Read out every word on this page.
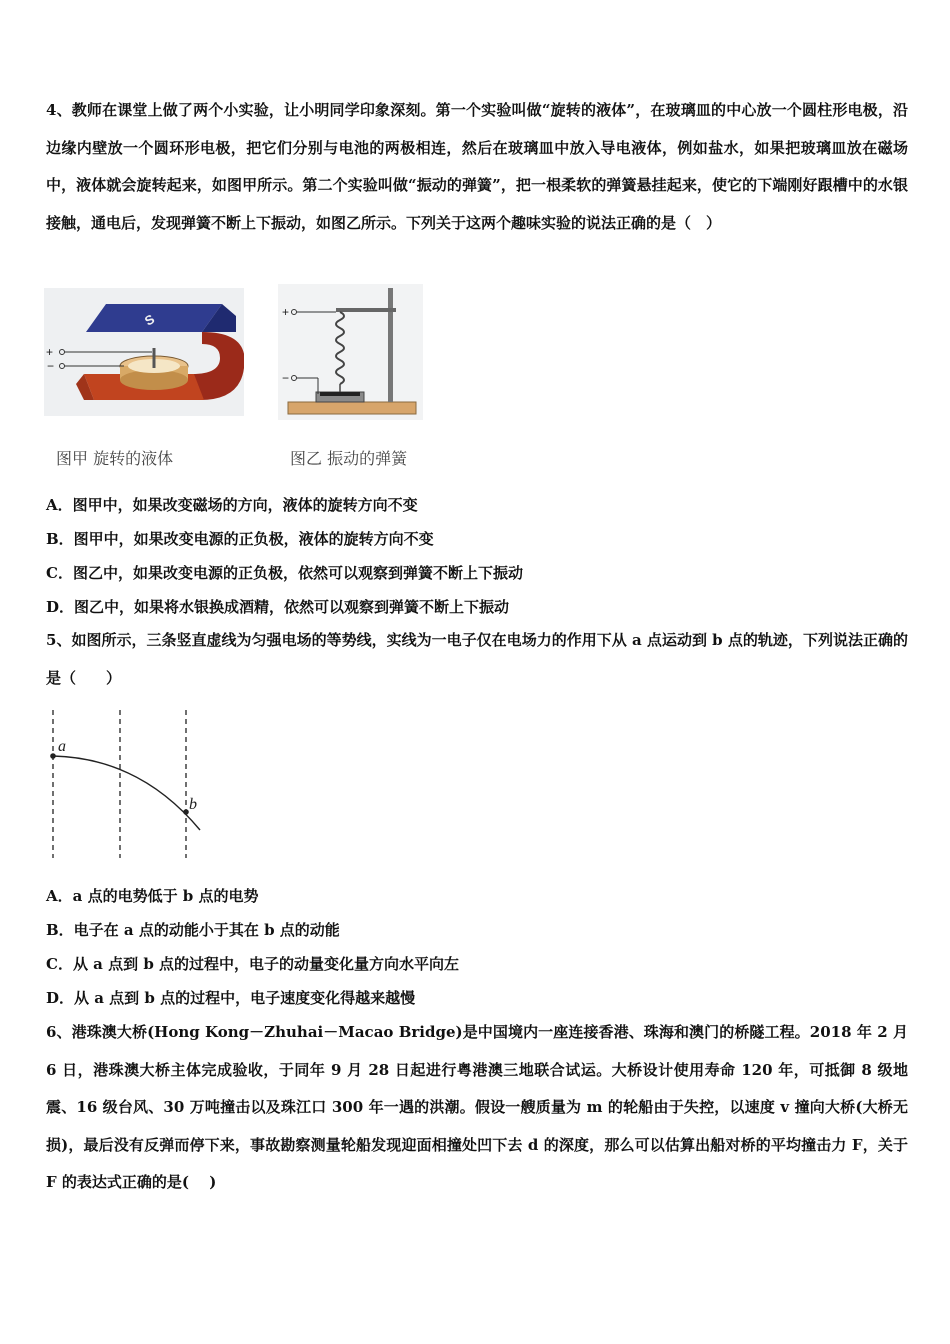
4、教师在课堂上做了两个小实验，让小明同学印象深刻。第一个实验叫做“旋转的液体”，在玻璃皿的中心放一个圆柱形电极，沿边缘内壁放一个圆环形电极，把它们分别与电池的两极相连，然后在玻璃皿中放入导电液体，例如盐水，如果把玻璃皿放在磁场中，液体就会旋转起来，如图甲所示。第二个实验叫做“振动的弹簧”，把一根柔软的弹簧悬挂起来，使它的下端刚好跟槽中的水银接触，通电后，发现弹簧不断上下振动，如图乙所示。下列关于这两个趣味实验的说法正确的是（　）

S
+
−
+
−
图甲 旋转的液体	图乙 振动的弹簧
A．图甲中，如果改变磁场的方向，液体的旋转方向不变
B．图甲中，如果改变电源的正负极，液体的旋转方向不变
C．图乙中，如果改变电源的正负极，依然可以观察到弹簧不断上下振动
D．图乙中，如果将水银换成酒精，依然可以观察到弹簧不断上下振动

5、如图所示，三条竖直虚线为匀强电场的等势线，实线为一电子仅在电场力的作用下从 a 点运动到 b 点的轨迹，下列说法正确的是（　　）

a
b
A．a 点的电势低于 b 点的电势
B．电子在 a 点的动能小于其在 b 点的动能
C．从 a 点到 b 点的过程中，电子的动量变化量方向水平向左
D．从 a 点到 b 点的过程中，电子速度变化得越来越慢

6、港珠澳大桥(Hong Kong－Zhuhai－Macao Bridge)是中国境内一座连接香港、珠海和澳门的桥隧工程。2018 年 2 月 6 日，港珠澳大桥主体完成验收，于同年 9 月 28 日起进行粤港澳三地联合试运。大桥设计使用寿命 120 年，可抵御 8 级地震、16 级台风、30 万吨撞击以及珠江口 300 年一遇的洪潮。假设一艘质量为 m 的轮船由于失控，以速度 v 撞向大桥(大桥无损)，最后没有反弹而停下来，事故勘察测量轮船发现迎面相撞处凹下去 d 的深度，那么可以估算出船对桥的平均撞击力 F，关于 F 的表达式正确的是(　 )
